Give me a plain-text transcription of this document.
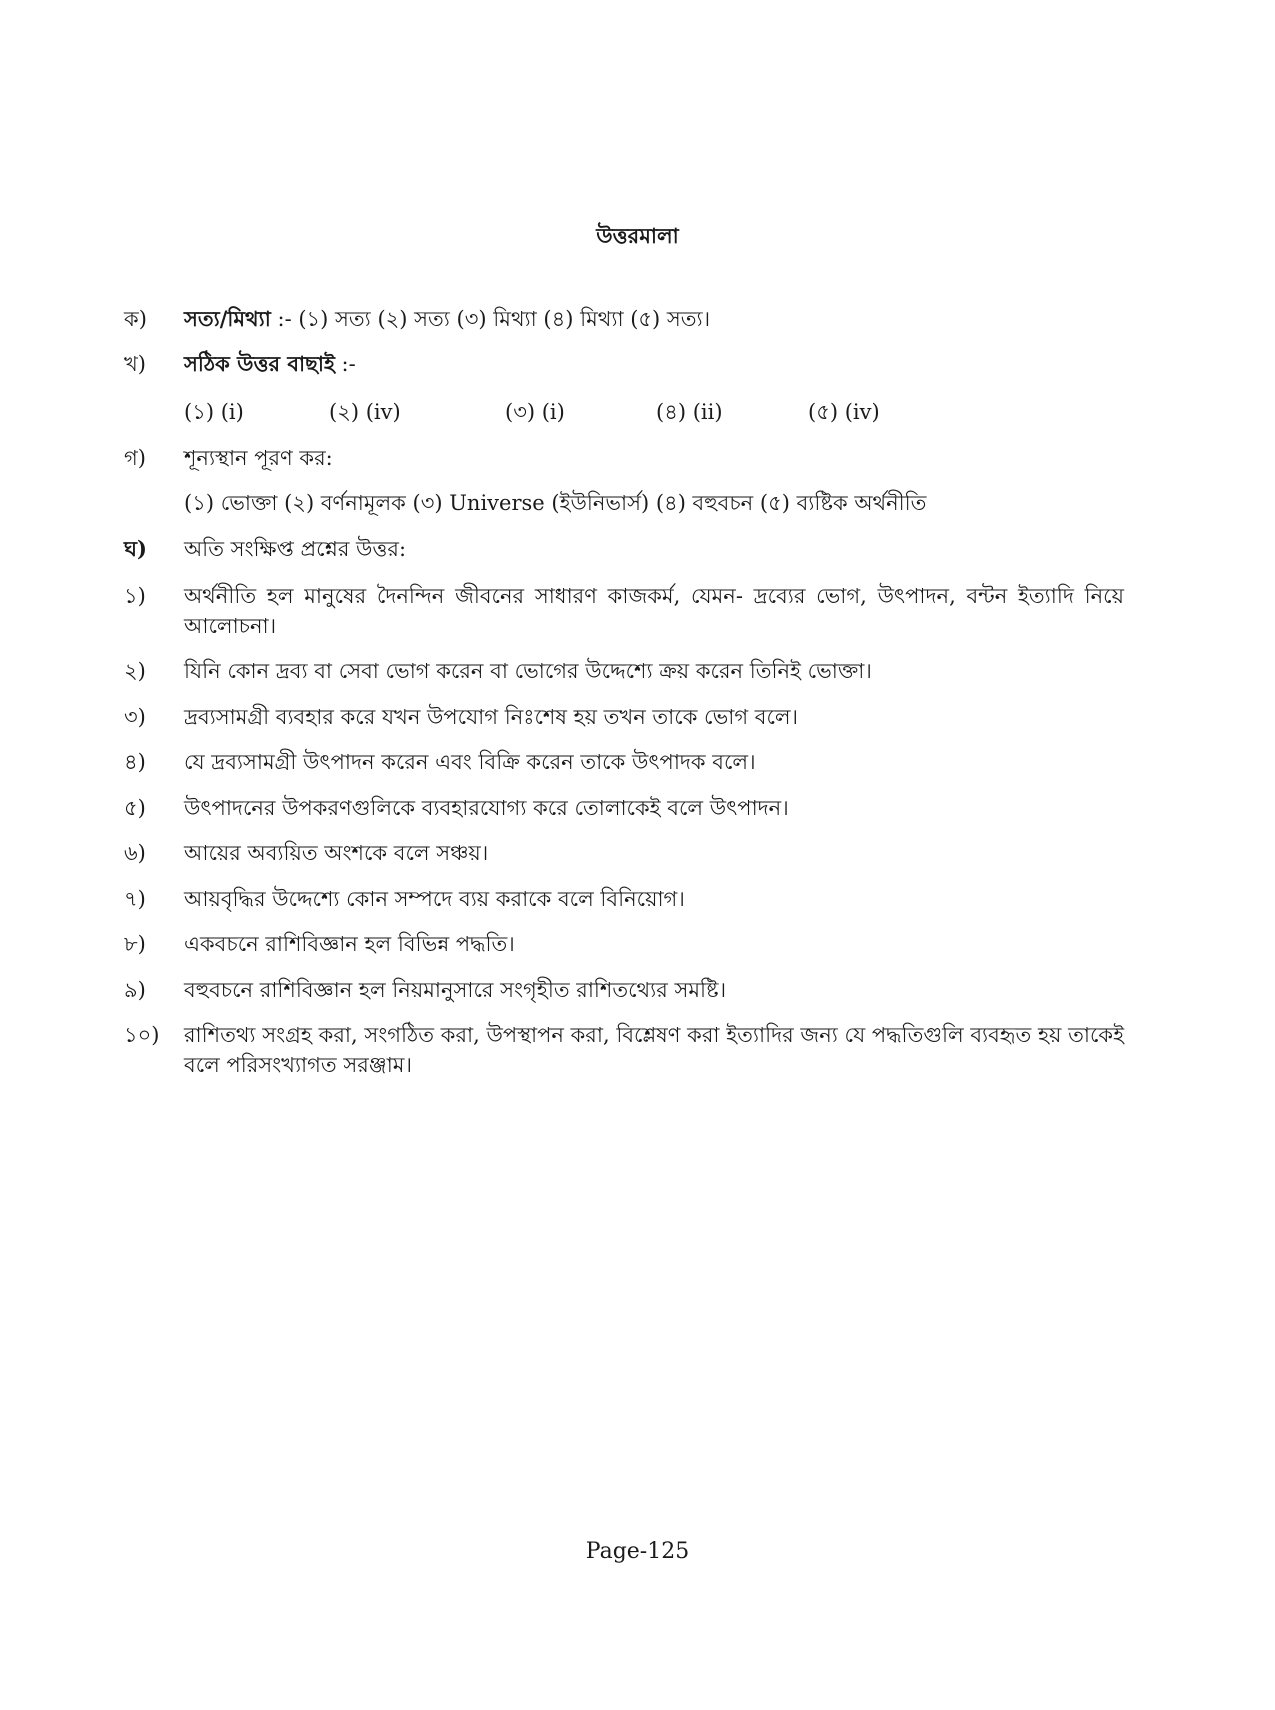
উত্তরমালা
ক)	সত্য/মিথ্যা :- (১) সত্য (২) সত্য (৩) মিথ্যা (৪) মিথ্যা (৫) সত্য।
খ)	সঠিক উত্তর বাছাই :-
(১) (i)	(২) (iv)	(৩) (i)	(৪) (ii)	(৫) (iv)
গ)	শূন্যস্থান পূরণ কর:
(১) ভোক্তা (২) বর্ণনামূলক (৩) Universe (ইউনিভার্স) (৪) বহুবচন (৫) ব্যষ্টিক অর্থনীতি
ঘ)	অতি সংক্ষিপ্ত প্রশ্নের উত্তর:
১)	অর্থনীতি হল মানুষের দৈনন্দিন জীবনের সাধারণ কাজকর্ম, যেমন- দ্রব্যের ভোগ, উৎপাদন, বন্টন ইত্যাদি নিয়ে আলোচনা।
২)	যিনি কোন দ্রব্য বা সেবা ভোগ করেন বা ভোগের উদ্দেশ্যে ক্রয় করেন তিনিই ভোক্তা।
৩)	দ্রব্যসামগ্রী ব্যবহার করে যখন উপযোগ নিঃশেষ হয় তখন তাকে ভোগ বলে।
৪)	যে দ্রব্যসামগ্রী উৎপাদন করেন এবং বিক্রি করেন তাকে উৎপাদক বলে।
৫)	উৎপাদনের উপকরণগুলিকে ব্যবহারযোগ্য করে তোলাকেই বলে উৎপাদন।
৬)	আয়ের অব্যয়িত অংশকে বলে সঞ্চয়।
৭)	আয়বৃদ্ধির উদ্দেশ্যে কোন সম্পদে ব্যয় করাকে বলে বিনিয়োগ।
৮)	একবচনে রাশিবিজ্ঞান হল বিভিন্ন পদ্ধতি।
৯)	বহুবচনে রাশিবিজ্ঞান হল নিয়মানুসারে সংগৃহীত রাশিতথ্যের সমষ্টি।
১০)	রাশিতথ্য সংগ্রহ করা, সংগঠিত করা, উপস্থাপন করা, বিশ্লেষণ করা ইত্যাদির জন্য যে পদ্ধতিগুলি ব্যবহৃত হয় তাকেই বলে পরিসংখ্যাগত সরঞ্জাম।
Page-125
